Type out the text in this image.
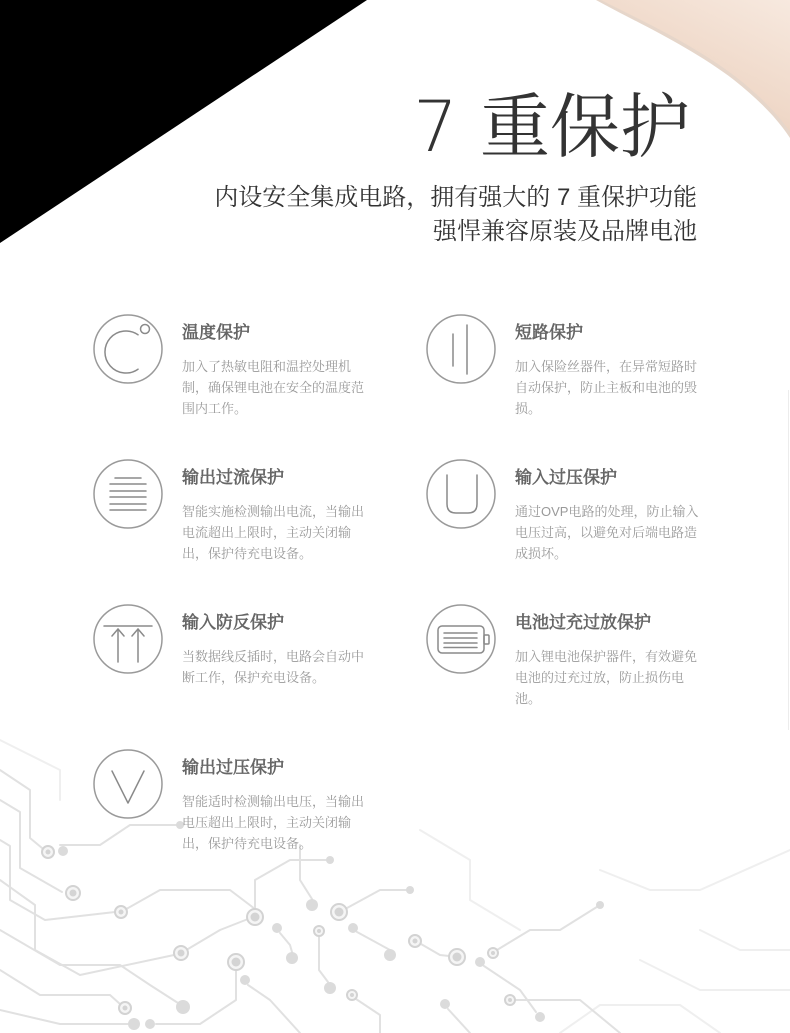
7 重保护
内设安全集成电路，拥有强大的 7 重保护功能
强悍兼容原装及品牌电池
温度保护
加入了热敏电阻和温控处理机
制，确保锂电池在安全的温度范
围内工作。
短路保护
加入保险丝器件，在异常短路时
自动保护，防止主板和电池的毁
损。
输出过流保护
智能实施检测输出电流，当输出
电流超出上限时，主动关闭输
出，保护待充电设备。
输入过压保护
通过OVP电路的处理，防止输入
电压过高，以避免对后端电路造
成损坏。
输入防反保护
当数据线反插时，电路会自动中
断工作，保护充电设备。
电池过充过放保护
加入锂电池保护器件，有效避免
电池的过充过放，防止损伤电
池。
输出过压保护
智能适时检测输出电压，当输出
电压超出上限时，主动关闭输
出，保护待充电设备。
